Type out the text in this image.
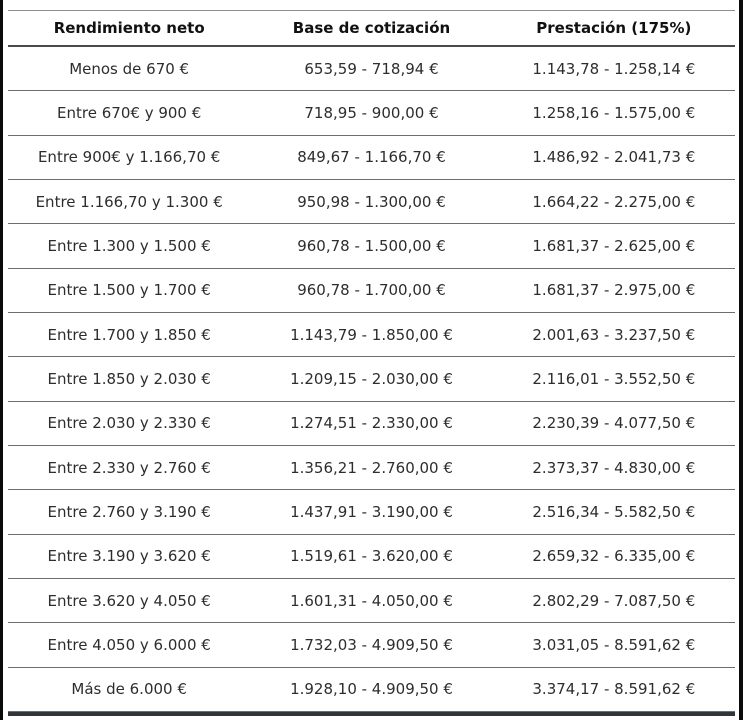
Rendimiento neto	Base de cotización	Prestación (175%)
Menos de 670 €	653,59 - 718,94 €	1.143,78 - 1.258,14 €
Entre 670€ y 900 €	718,95 - 900,00 €	1.258,16 - 1.575,00 €
Entre 900€ y 1.166,70 €	849,67 - 1.166,70 €	1.486,92 - 2.041,73 €
Entre 1.166,70 y 1.300 €	950,98 - 1.300,00 €	1.664,22 - 2.275,00 €
Entre 1.300 y 1.500 €	960,78 - 1.500,00 €	1.681,37 - 2.625,00 €
Entre 1.500 y 1.700 €	960,78 - 1.700,00 €	1.681,37 - 2.975,00 €
Entre 1.700 y 1.850 €	1.143,79 - 1.850,00 €	2.001,63 - 3.237,50 €
Entre 1.850 y 2.030 €	1.209,15 - 2.030,00 €	2.116,01 - 3.552,50 €
Entre 2.030 y 2.330 €	1.274,51 - 2.330,00 €	2.230,39 - 4.077,50 €
Entre 2.330 y 2.760 €	1.356,21 - 2.760,00 €	2.373,37 - 4.830,00 €
Entre 2.760 y 3.190 €	1.437,91 - 3.190,00 €	2.516,34 - 5.582,50 €
Entre 3.190 y 3.620 €	1.519,61 - 3.620,00 €	2.659,32 - 6.335,00 €
Entre 3.620 y 4.050 €	1.601,31 - 4.050,00 €	2.802,29 - 7.087,50 €
Entre 4.050 y 6.000 €	1.732,03 - 4.909,50 €	3.031,05 - 8.591,62 €
Más de 6.000 €	1.928,10 - 4.909,50 €	3.374,17 - 8.591,62 €
